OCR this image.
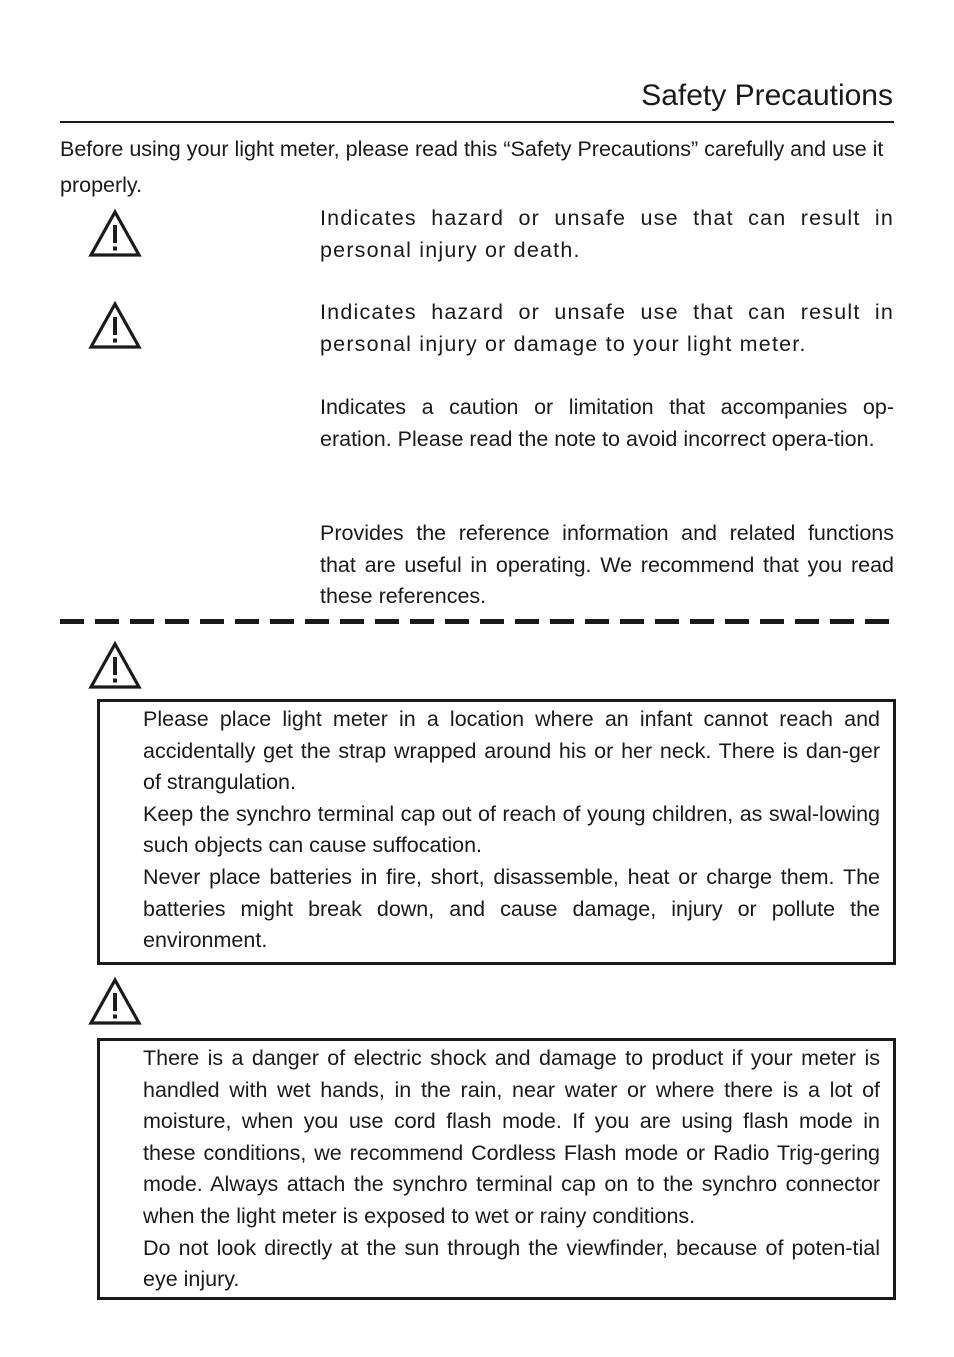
Safety Precautions
Before using your light meter, please read this “Safety Precautions” carefully and use it properly.
Indicates hazard or unsafe use that can result in personal injury or death.
Indicates hazard or unsafe use that can result in personal injury or damage to your light meter.
Indicates a caution or limitation that accompanies op-eration. Please read the note to avoid incorrect opera-tion.
Provides the reference information and related functions that are useful in operating. We recommend that you read these references.

Please place light meter in a location where an infant cannot reach and accidentally get the strap wrapped around his or her neck. There is dan-ger of strangulation.

Keep the synchro terminal cap out of reach of young children, as swal-lowing such objects can cause suffocation.

Never place batteries in fire, short, disassemble, heat or charge them. The batteries might break down, and cause damage, injury or pollute the environment.

There is a danger of electric shock and damage to product if your meter is handled with wet hands, in the rain, near water or where there is a lot of moisture, when you use cord flash mode. If you are using flash mode in these conditions, we recommend Cordless Flash mode or Radio Trig-gering mode. Always attach the synchro terminal cap on to the synchro connector when the light meter is exposed to wet or rainy conditions.

Do not look directly at the sun through the viewfinder, because of poten-tial eye injury.
